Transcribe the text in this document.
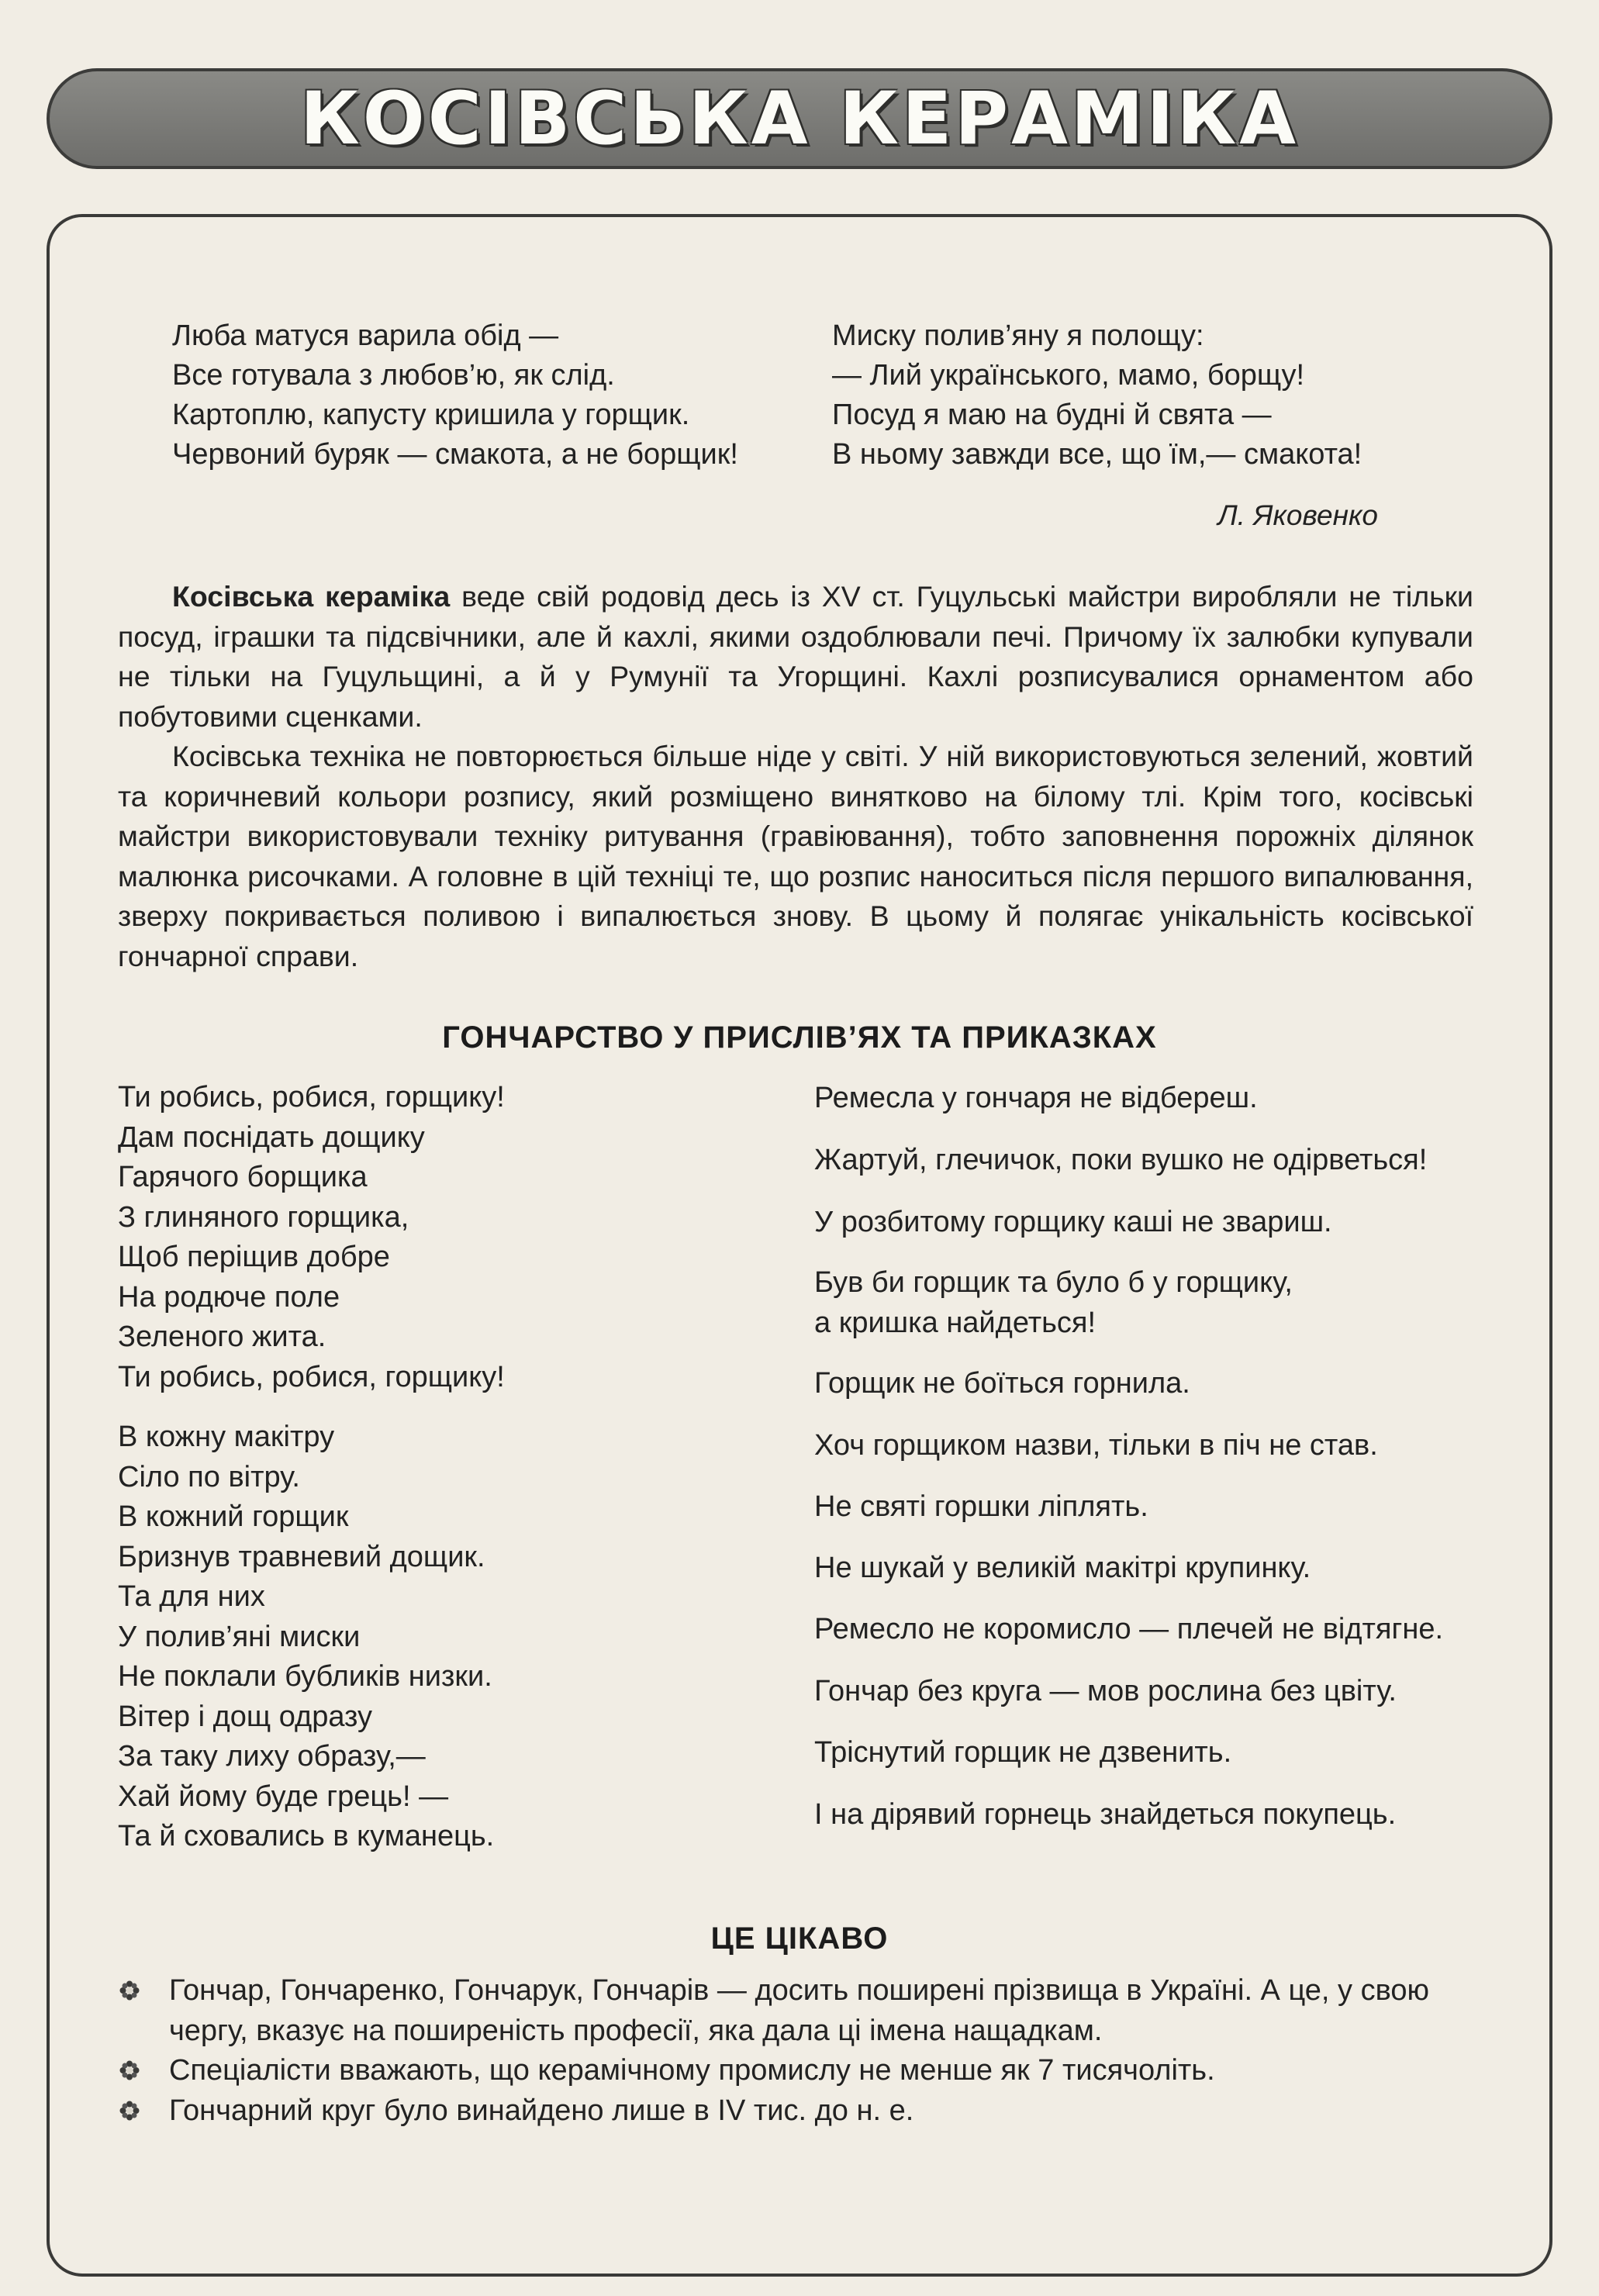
КОСІВСЬКА КЕРАМІКА
Люба матуся варила обід —
Все готувала з любов’ю, як слід.
Картоплю, капусту кришила у горщик.
Червоний буряк — смакота, а не борщик!
Миску полив’яну я полощу:
— Лий українського, мамо, борщу!
Посуд я маю на будні й свята —
В ньому завжди все, що їм,— смакота!
Л. Яковенко

Косівська кераміка веде свій родовід десь із XV ст. Гуцульські майстри виробляли не тільки посуд, іграшки та підсвічники, але й кахлі, якими оздоблювали печі. Причому їх залюбки купували не тільки на Гуцульщині, а й у Румунії та Угорщині. Кахлі розписувалися орнаментом або побутовими сценками.

Косівська техніка не повторюється більше ніде у світі. У ній використовуються зелений, жовтий та коричневий кольори розпису, який розміщено винятково на білому тлі. Крім того, косівські майстри використовували техніку ритування (гравіювання), тобто заповнення порожніх ділянок малюнка рисочками. А головне в цій техніці те, що розпис наноситься після першого випалювання, зверху покривається поливою і випалюється знову. В цьому й полягає унікальність косівської гончарної справи.

ГОНЧАРСТВО У ПРИСЛІВ’ЯХ ТА ПРИКАЗКАХ
Ти робись, робися, горщику!
Дам поснідать дощику
Гарячого борщика
З глиняного горщика,
Щоб періщив добре
На родюче поле
Зеленого жита.
Ти робись, робися, горщику!
В кожну макітру
Сіло по вітру.
В кожний горщик
Бризнув травневий дощик.
Та для них
У полив’яні миски
Не поклали бубликів низки.
Вітер і дощ одразу
За таку лиху образу,—
Хай йому буде грець! —
Та й сховались в куманець.
Ремесла у гончаря не відбереш.
Жартуй, глечичок, поки вушко не одірветься!
У розбитому горщику каші не звариш.
Був би горщик та було б у горщику,
а кришка найдеться!
Горщик не боїться горнила.
Хоч горщиком назви, тільки в піч не став.
Не святі горшки ліплять.
Не шукай у великій макітрі крупинку.
Ремесло не коромисло — плечей не відтягне.
Гончар без круга — мов рослина без цвіту.
Тріснутий горщик не дзвенить.
І на дірявий горнець знайдеться покупець.
ЦЕ ЦІКАВО
Гончар, Гончаренко, Гончарук, Гончарів — досить поширені прізвища в Україні. А це, у свою чергу, вказує на поширеність професії, яка дала ці імена нащадкам.
Спеціалісти вважають, що керамічному промислу не менше як 7 тисячоліть.
Гончарний круг було винайдено лише в IV тис. до н. е.
